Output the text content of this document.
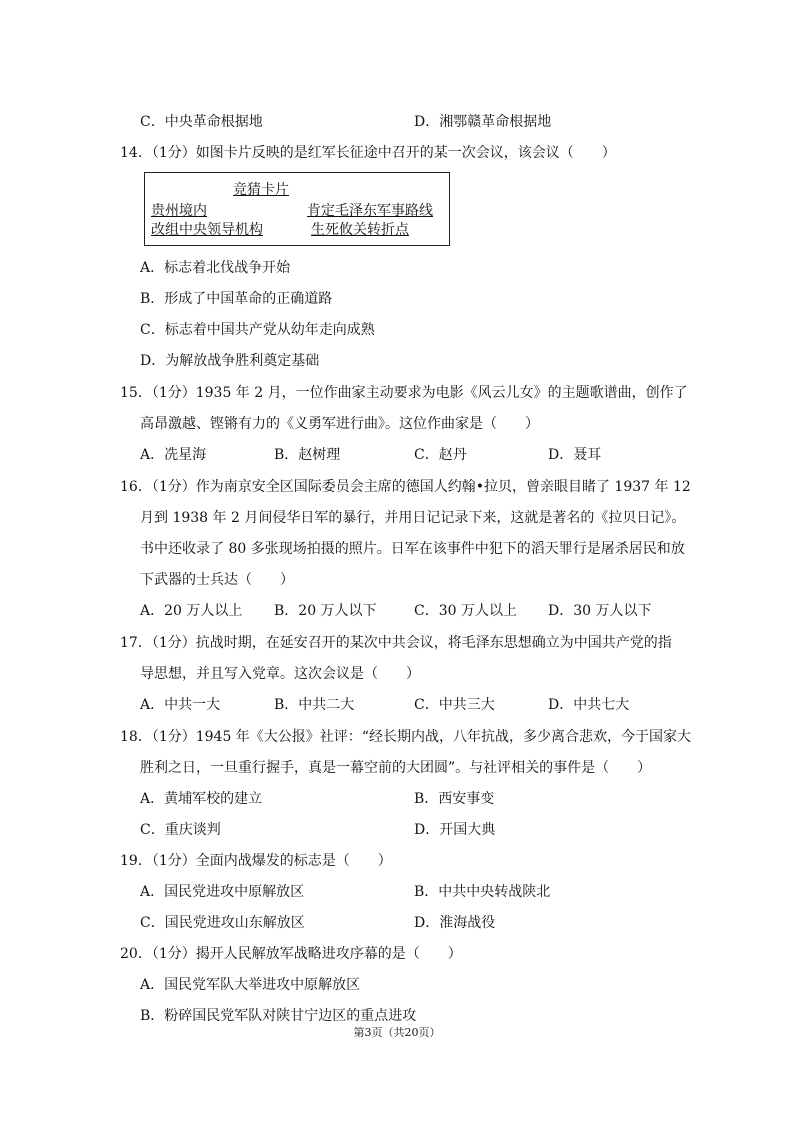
C．中央革命根据地	D．湘鄂赣革命根据地
14．（1分）如图卡片反映的是红军长征途中召开的某一次会议，该会议（　　）
竞猜卡片
贵州境内	肯定毛泽东军事路线
改组中央领导机构	生死攸关转折点
A．标志着北伐战争开始
B．形成了中国革命的正确道路
C．标志着中国共产党从幼年走向成熟
D．为解放战争胜利奠定基础
15．（1分）1935 年 2 月，一位作曲家主动要求为电影《风云儿女》的主题歌谱曲，创作了
高昂激越、铿锵有力的《义勇军进行曲》。这位作曲家是（　　）
A．冼星海	B．赵树理	C．赵丹	D．聂耳
16．（1分）作为南京安全区国际委员会主席的德国人约翰•拉贝，曾亲眼目睹了 1937 年 12
月到 1938 年 2 月间侵华日军的暴行，并用日记记录下来，这就是著名的《拉贝日记》。
书中还收录了 80 多张现场拍摄的照片。日军在该事件中犯下的滔天罪行是屠杀居民和放
下武器的士兵达（　　）
A．20 万人以上 B．20 万人以下	C．30 万人以上 D．30 万人以下
17．（1分）抗战时期，在延安召开的某次中共会议，将毛泽东思想确立为中国共产党的指
导思想，并且写入党章。这次会议是（　　）
A．中共一大	B．中共二大	C．中共三大	D．中共七大
18．（1分）1945 年《大公报》社评：“经长期内战，八年抗战，多少离合悲欢，今于国家大
胜利之日，一旦重行握手，真是一幕空前的大团圆”。与社评相关的事件是（　　）
A．黄埔军校的建立	B．西安事变
C．重庆谈判	D．开国大典
19．（1分）全面内战爆发的标志是（　　）
A．国民党进攻中原解放区	B．中共中央转战陕北
C．国民党进攻山东解放区	D．淮海战役
20．（1分）揭开人民解放军战略进攻序幕的是（　　）
A．国民党军队大举进攻中原解放区
B．粉碎国民党军队对陕甘宁边区的重点进攻
第3页（共20页）
